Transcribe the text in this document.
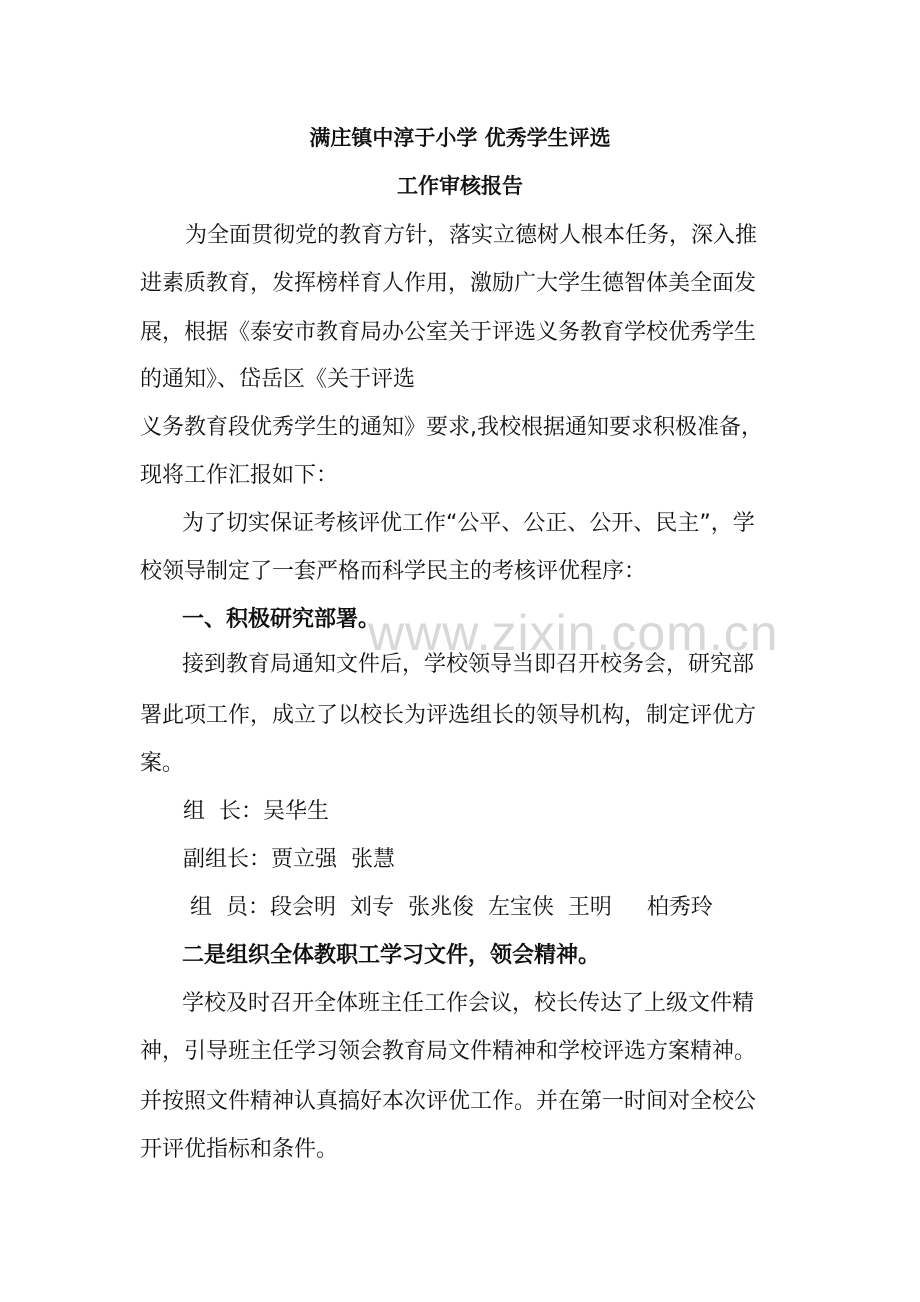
www.zixin.com.cn
满庄镇中淳于小学 优秀学生评选
工作审核报告
为全面贯彻党的教育方针，落实立德树人根本任务，深入推
进素质教育，发挥榜样育人作用，激励广大学生德智体美全面发
展，根据《泰安市教育局办公室关于评选义务教育学校优秀学生
的通知》、岱岳区《关于评选
义务教育段优秀学生的通知》要求,我校根据通知要求积极准备，
现将工作汇报如下：
为了切实保证考核评优工作“公平、公正、公开、民主”，学
校领导制定了一套严格而科学民主的考核评优程序：
一、积极研究部署。
接到教育局通知文件后，学校领导当即召开校务会，研究部
署此项工作，成立了以校长为评选组长的领导机构，制定评优方
案。
组  长：吴华生
副组长：贾立强  张慧
组  员：段会明  刘专  张兆俊  左宝侠  王明     柏秀玲
二是组织全体教职工学习文件，领会精神。
学校及时召开全体班主任工作会议，校长传达了上级文件精
神，引导班主任学习领会教育局文件精神和学校评选方案精神。
并按照文件精神认真搞好本次评优工作。并在第一时间对全校公
开评优指标和条件。
